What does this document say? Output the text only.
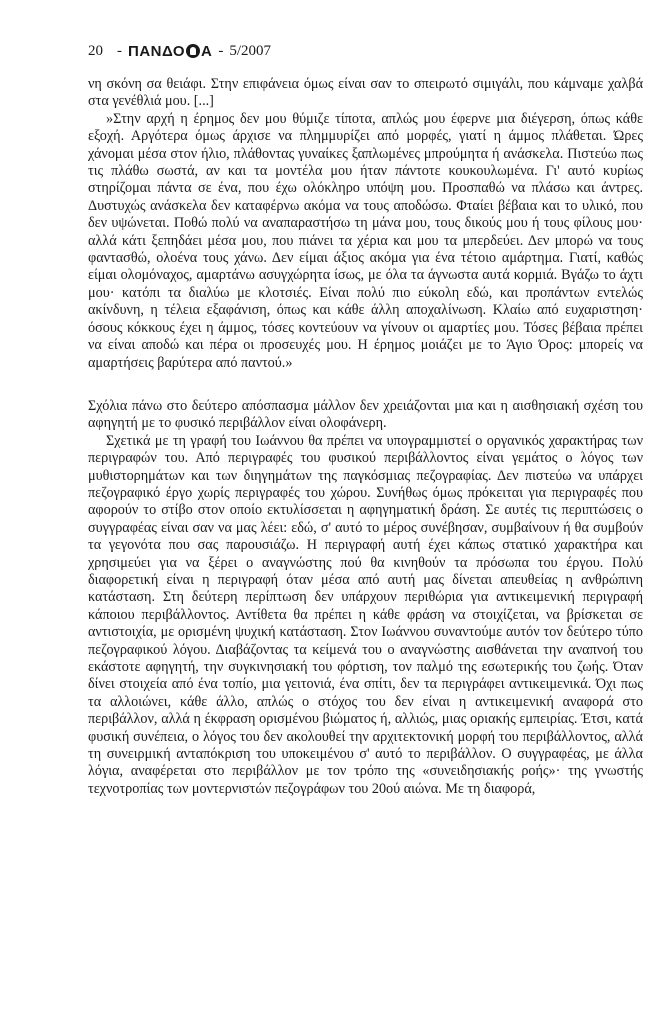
20 - ΠΑΝΔΟ Α - 5/2007

νη σκόνη σα θειάφι. Στην επιφάνεια όμως είναι σαν το σπειρωτό σιμιγάλι, που κάμναμε χαλβά στα γενέθλιά μου. [...]

»Στην αρχή η έρημος δεν μου θύμιζε τίποτα, απλώς μου έφερνε μια διέγερση, όπως κάθε εξοχή. Αργότερα όμως άρχισε να πλημμυρίζει από μορφές, γιατί η άμμος πλάθεται. Ώρες χάνομαι μέσα στον ήλιο, πλάθοντας γυναίκες ξαπλωμένες μπρούμητα ή ανάσκελα. Πιστεύω πως τις πλάθω σωστά, αν και τα μοντέλα μου ήταν πάντοτε κουκουλωμένα. Γι' αυτό κυρίως στηρίζομαι πάντα σε ένα, που έχω ολόκληρο υπόψη μου. Προσπαθώ να πλάσω και άντρες. Δυστυχώς ανάσκελα δεν καταφέρνω ακόμα να τους αποδώσω. Φταίει βέβαια και το υλικό, που δεν υψώνεται. Ποθώ πολύ να αναπαραστήσω τη μάνα μου, τους δικούς μου ή τους φίλους μου· αλλά κάτι ξεπηδάει μέσα μου, που πιάνει τα χέρια και μου τα μπερδεύει. Δεν μπορώ να τους φαντασθώ, ολοένα τους χάνω. Δεν είμαι άξιος ακόμα για ένα τέτοιο αμάρτημα. Γιατί, καθώς είμαι ολομόναχος, αμαρτάνω ασυγχώρητα ίσως, με όλα τα άγνωστα αυτά κορμιά. Βγάζω το άχτι μου· κατόπι τα διαλύω με κλοτσιές. Είναι πολύ πιο εύκολη εδώ, και προπάντων εντελώς ακίνδυνη, η τέλεια εξαφάνιση, όπως και κάθε άλλη αποχαλίνωση. Κλαίω από ευχαριστηση· όσους κόκκους έχει η άμμος, τόσες κοντεύουν να γίνουν οι αμαρτίες μου. Τόσες βέβαια πρέπει να είναι αποδώ και πέρα οι προσευχές μου. Η έρημος μοιάζει με το Άγιο Όρος: μπορείς να αμαρτήσεις βαρύτερα από παντού.»

Σχόλια πάνω στο δεύτερο απόσπασμα μάλλον δεν χρειάζονται μια και η αισθησιακή σχέση του αφηγητή με το φυσικό περιβάλλον είναι ολοφάνερη.

Σχετικά με τη γραφή του Ιωάννου θα πρέπει να υπογραμμιστεί ο οργανικός χαρακτήρας των περιγραφών του. Από περιγραφές του φυσικού περιβάλλοντος είναι γεμάτος ο λόγος των μυθιστορημάτων και των διηγημάτων της παγκόσμιας πεζογραφίας. Δεν πιστεύω να υπάρχει πεζογραφικό έργο χωρίς περιγραφές του χώρου. Συνήθως όμως πρόκειται για περιγραφές που αφορούν το στίβο στον οποίο εκτυλίσσεται η αφηγηματική δράση. Σε αυτές τις περιπτώσεις ο συγγραφέας είναι σαν να μας λέει: εδώ, σ' αυτό το μέρος συνέβησαν, συμβαίνουν ή θα συμβούν τα γεγονότα που σας παρουσιάζω. Η περιγραφή αυτή έχει κάπως στατικό χαρακτήρα και χρησιμεύει για να ξέρει ο αναγνώστης πού θα κινηθούν τα πρόσωπα του έργου. Πολύ διαφορετική είναι η περιγραφή όταν μέσα από αυτή μας δίνεται απευθείας η ανθρώπινη κατάσταση. Στη δεύτερη περίπτωση δεν υπάρχουν περιθώρια για αντικειμενική περιγραφή κάποιου περιβάλλοντος. Αντίθετα θα πρέπει η κάθε φράση να στοιχίζεται, να βρίσκεται σε αντιστοιχία, με ορισμένη ψυχική κατάσταση. Στον Ιωάννου συναντούμε αυτόν τον δεύτερο τύπο πεζογραφικού λόγου. Διαβάζοντας τα κείμενά του ο αναγνώστης αισθάνεται την αναπνοή του εκάστοτε αφηγητή, την συγκινησιακή του φόρτιση, τον παλμό της εσωτερικής του ζωής. Όταν δίνει στοιχεία από ένα τοπίο, μια γειτονιά, ένα σπίτι, δεν τα περιγράφει αντικειμενικά. Όχι πως τα αλλοιώνει, κάθε άλλο, απλώς ο στόχος του δεν είναι η αντικειμενική αναφορά στο περιβάλλον, αλλά η έκφραση ορισμένου βιώματος ή, αλλιώς, μιας οριακής εμπειρίας. Έτσι, κατά φυσική συνέπεια, ο λόγος του δεν ακολουθεί την αρχιτεκτονική μορφή του περιβάλλοντος, αλλά τη συνειρμική ανταπόκριση του υποκειμένου σ' αυτό το περιβάλλον. Ο συγγραφέας, με άλλα λόγια, αναφέρεται στο περιβάλλον με τον τρόπο της «συνειδησιακής ροής»· της γνωστής τεχνοτροπίας των μοντερνιστών πεζογράφων του 20ού αιώνα. Με τη διαφορά,
